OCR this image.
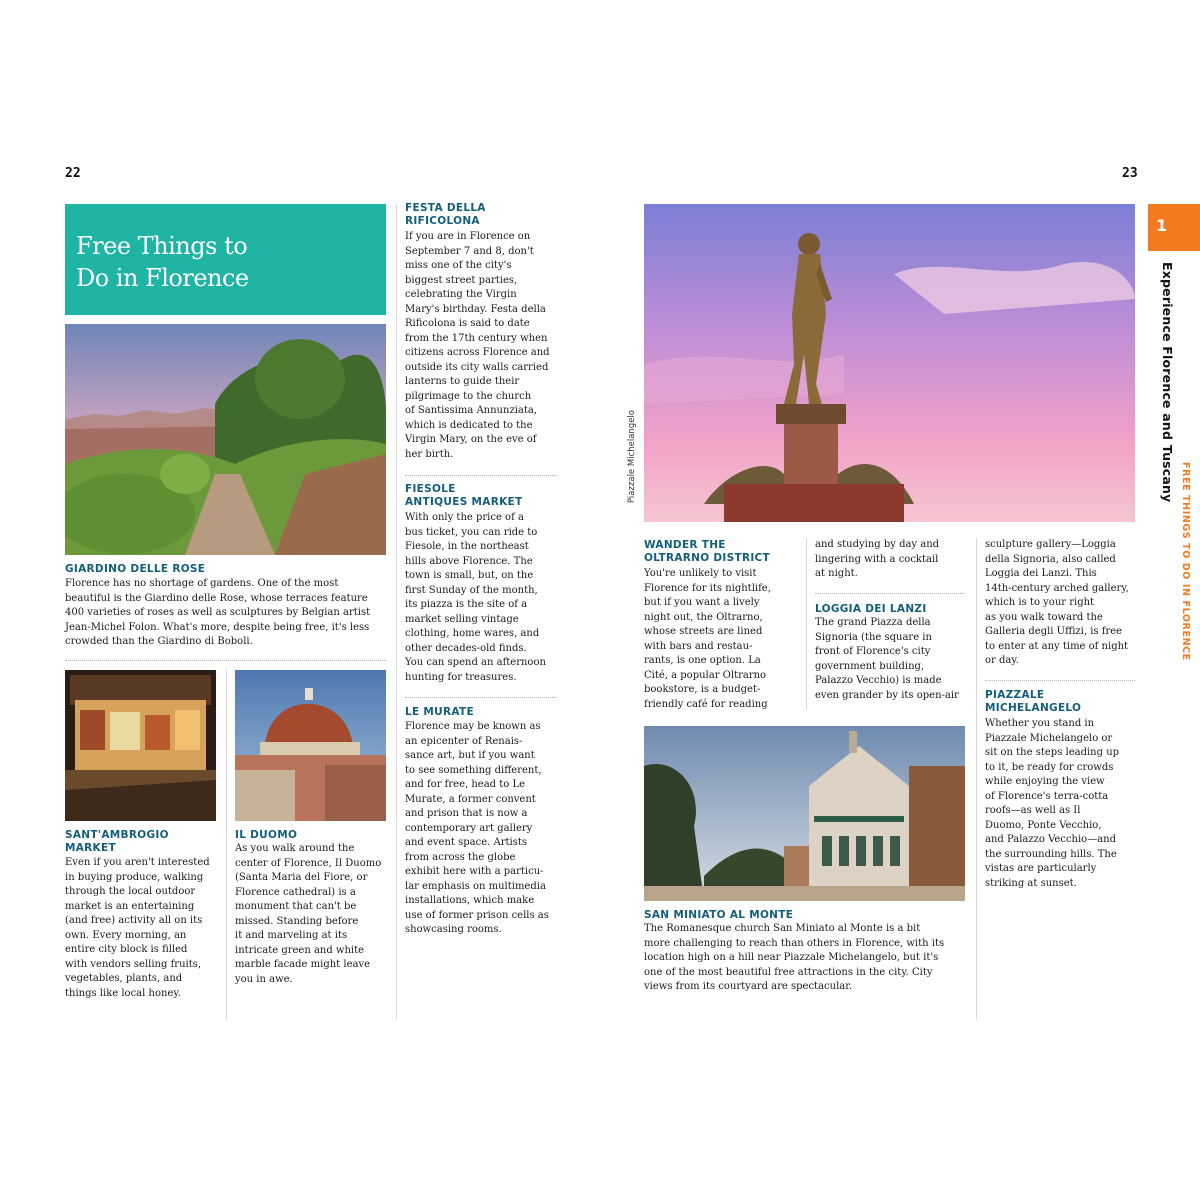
22	23
Free Things to
Do in Florence
GIARDINO DELLE ROSE
Florence has no shortage of gardens. One of the most
beautiful is the Giardino delle Rose, whose terraces feature
400 varieties of roses as well as sculptures by Belgian artist
Jean-Michel Folon. What's more, despite being free, it's less
crowded than the Giardino di Boboli.
SANT'AMBROGIO
MARKET
Even if you aren't interested
in buying produce, walking
through the local outdoor
market is an entertaining
(and free) activity all on its
own. Every morning, an
entire city block is filled
with vendors selling fruits,
vegetables, plants, and
things like local honey.
IL DUOMO
As you walk around the
center of Florence, Il Duomo
(Santa Maria del Fiore, or
Florence cathedral) is a
monument that can't be
missed. Standing before
it and marveling at its
intricate green and white
marble facade might leave
you in awe.
FESTA DELLA
RIFICOLONA
If you are in Florence on
September 7 and 8, don't
miss one of the city's
biggest street parties,
celebrating the Virgin
Mary's birthday. Festa della
Rificolona is said to date
from the 17th century when
citizens across Florence and
outside its city walls carried
lanterns to guide their
pilgrimage to the church
of Santissima Annunziata,
which is dedicated to the
Virgin Mary, on the eve of
her birth.
FIESOLE
ANTIQUES MARKET
With only the price of a
bus ticket, you can ride to
Fiesole, in the northeast
hills above Florence. The
town is small, but, on the
first Sunday of the month,
its piazza is the site of a
market selling vintage
clothing, home wares, and
other decades-old finds.
You can spend an afternoon
hunting for treasures.
LE MURATE
Florence may be known as
an epicenter of Renais-
sance art, but if you want
to see something different,
and for free, head to Le
Murate, a former convent
and prison that is now a
contemporary art gallery
and event space. Artists
from across the globe
exhibit here with a particu-
lar emphasis on multimedia
installations, which make
use of former prison cells as
showcasing rooms.
Piazzale Michelangelo
WANDER THE
OLTRARNO DISTRICT
You're unlikely to visit
Florence for its nightlife,
but if you want a lively
night out, the Oltrarno,
whose streets are lined
with bars and restau-
rants, is one option. La
Cité, a popular Oltrarno
bookstore, is a budget-
friendly café for reading
and studying by day and
lingering with a cocktail
at night.
LOGGIA DEI LANZI
The grand Piazza della
Signoria (the square in
front of Florence's city
government building,
Palazzo Vecchio) is made
even grander by its open-air
sculpture gallery—Loggia
della Signoria, also called
Loggia dei Lanzi. This
14th-century arched gallery,
which is to your right
as you walk toward the
Galleria degli Uffizi, is free
to enter at any time of night
or day.
PIAZZALE
MICHELANGELO
Whether you stand in
Piazzale Michelangelo or
sit on the steps leading up
to it, be ready for crowds
while enjoying the view
of Florence's terra-cotta
roofs—as well as Il
Duomo, Ponte Vecchio,
and Palazzo Vecchio—and
the surrounding hills. The
vistas are particularly
striking at sunset.
SAN MINIATO AL MONTE
The Romanesque church San Miniato al Monte is a bit
more challenging to reach than others in Florence, with its
location high on a hill near Piazzale Michelangelo, but it's
one of the most beautiful free attractions in the city. City
views from its courtyard are spectacular.
1
Experience Florence and Tuscany
FREE THINGS TO DO IN FLORENCE
